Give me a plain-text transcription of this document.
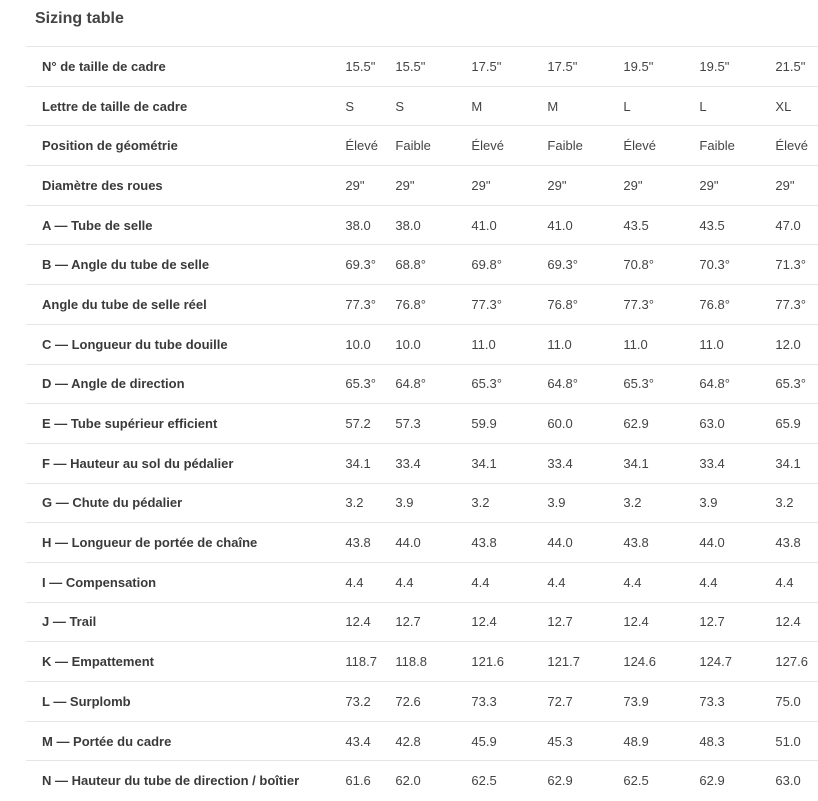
Sizing table
N° de taille de cadre	15.5"	15.5"	17.5"	17.5"	19.5"	19.5"	21.5"
Lettre de taille de cadre	S	S	M	M	L	L	XL
Position de géométrie	Élevé	Faible	Élevé	Faible	Élevé	Faible	Élevé
Diamètre des roues	29"	29"	29"	29"	29"	29"	29"
A — Tube de selle	38.0	38.0	41.0	41.0	43.5	43.5	47.0
B — Angle du tube de selle	69.3°	68.8°	69.8°	69.3°	70.8°	70.3°	71.3°
Angle du tube de selle réel	77.3°	76.8°	77.3°	76.8°	77.3°	76.8°	77.3°
C — Longueur du tube douille	10.0	10.0	11.0	11.0	11.0	11.0	12.0
D — Angle de direction	65.3°	64.8°	65.3°	64.8°	65.3°	64.8°	65.3°
E — Tube supérieur efficient	57.2	57.3	59.9	60.0	62.9	63.0	65.9
F — Hauteur au sol du pédalier	34.1	33.4	34.1	33.4	34.1	33.4	34.1
G — Chute du pédalier	3.2	3.9	3.2	3.9	3.2	3.9	3.2
H — Longueur de portée de chaîne	43.8	44.0	43.8	44.0	43.8	44.0	43.8
I — Compensation	4.4	4.4	4.4	4.4	4.4	4.4	4.4
J — Trail	12.4	12.7	12.4	12.7	12.4	12.7	12.4
K — Empattement	118.7	118.8	121.6	121.7	124.6	124.7	127.6
L — Surplomb	73.2	72.6	73.3	72.7	73.9	73.3	75.0
M — Portée du cadre	43.4	42.8	45.9	45.3	48.9	48.3	51.0
N — Hauteur du tube de direction / boîtier	61.6	62.0	62.5	62.9	62.5	62.9	63.0
